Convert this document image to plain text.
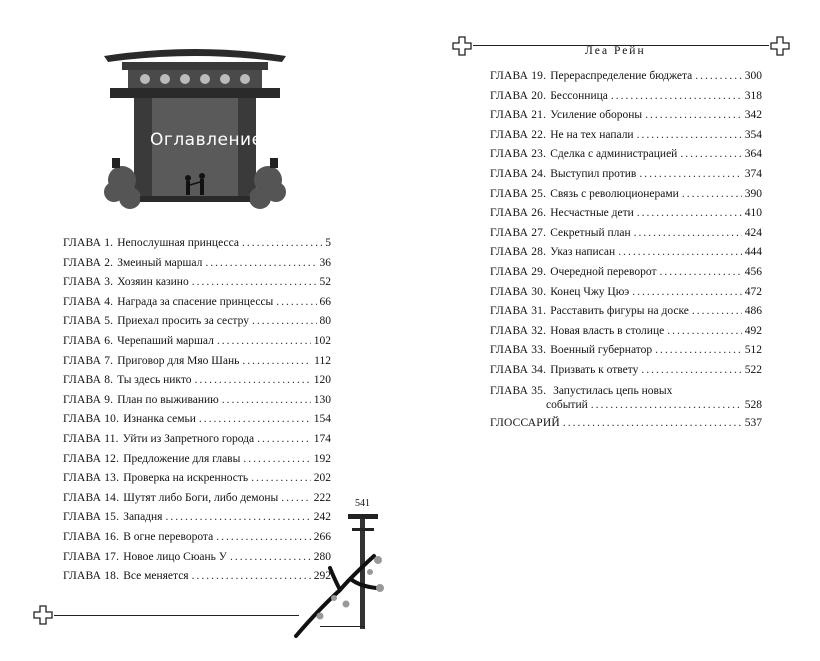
Оглавление
ГЛАВА 1. Непослушная принцесса .....	5
ГЛАВА 2. Змеиный маршал .....	36
ГЛАВА 3. Хозяин казино .....	52
ГЛАВА 4. Награда за спасение принцессы .....	66
ГЛАВА 5. Приехал просить за сестру .....	80
ГЛАВА 6. Черепаший маршал .....	102
ГЛАВА 7. Приговор для Мяо Шань .....	112
ГЛАВА 8. Ты здесь никто .....	120
ГЛАВА 9. План по выживанию .....	130
ГЛАВА 10. Изнанка семьи .....	154
ГЛАВА 11. Уйти из Запретного города .....	174
ГЛАВА 12. Предложение для главы .....	192
ГЛАВА 13. Проверка на искренность .....	202
ГЛАВА 14. Шутят либо Боги, либо демоны .....	222
ГЛАВА 15. Западня .....	242
ГЛАВА 16. В огне переворота .....	266
ГЛАВА 17. Новое лицо Сюань У .....	280
ГЛАВА 18. Все меняется .....	292
541
Леа Рейн
ГЛАВА 19. Перераспределение бюджета .....	300
ГЛАВА 20. Бессонница .....	318
ГЛАВА 21. Усиление обороны .....	342
ГЛАВА 22. Не на тех напали .....	354
ГЛАВА 23. Сделка с администрацией .....	364
ГЛАВА 24. Выступил против .....	374
ГЛАВА 25. Связь с революционерами .....	390
ГЛАВА 26. Несчастные дети .....	410
ГЛАВА 27. Секретный план .....	424
ГЛАВА 28. Указ написан .....	444
ГЛАВА 29. Очередной переворот .....	456
ГЛАВА 30. Конец Чжу Цюэ .....	472
ГЛАВА 31. Расставить фигуры на доске .....	486
ГЛАВА 32. Новая власть в столице .....	492
ГЛАВА 33. Военный губернатор .....	512
ГЛАВА 34. Призвать к ответу .....	522
ГЛАВА 35. Запустилась цепь новых
событий .....	528
ГЛОССАРИЙ .....	537
